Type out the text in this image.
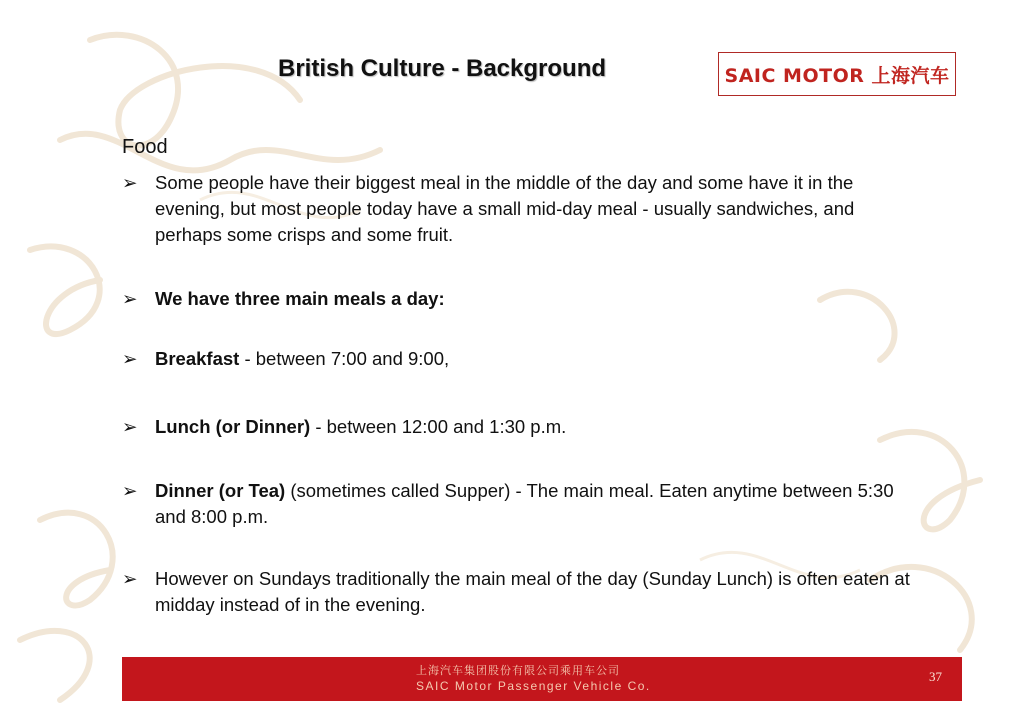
British Culture - Background	SAIC MOTOR 上海汽车
Food
➢ Some people have their biggest meal in the middle of the day and some have it in the evening, but most people today have a small mid-day meal - usually sandwiches, and perhaps some crisps and some fruit.
➢ We have three main meals a day:
➢ Breakfast - between 7:00 and 9:00,
➢ Lunch (or Dinner) - between 12:00 and 1:30 p.m.
➢ Dinner (or Tea) (sometimes called Supper) - The main meal. Eaten anytime between 5:30 and 8:00 p.m.
➢ However on Sundays traditionally the main meal of the day (Sunday Lunch) is often eaten at midday instead of in the evening.
上海汽车集团股份有限公司乘用车公司
SAIC Motor Passenger Vehicle Co.
37
